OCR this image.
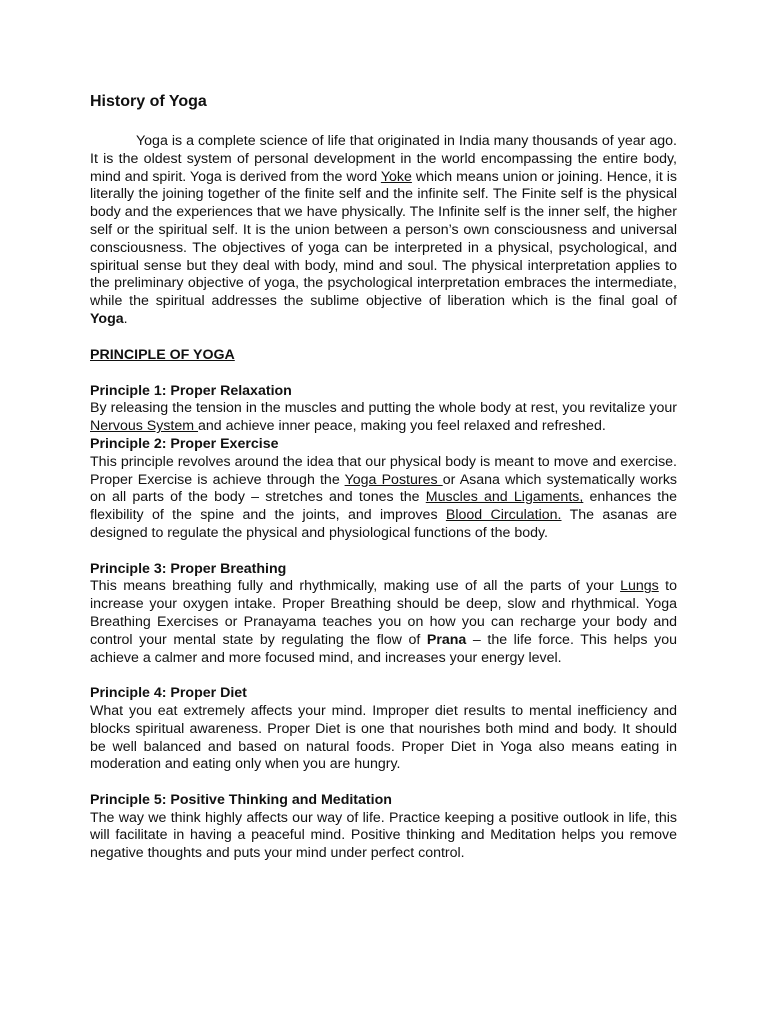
History of Yoga

Yoga is a complete science of life that originated in India many thousands of year ago. It is the oldest system of personal development in the world encompassing the entire body, mind and spirit. Yoga is derived from the word Yoke which means union or joining. Hence, it is literally the joining together of the finite self and the infinite self. The Finite self is the physical body and the experiences that we have physically. The Infinite self is the inner self, the higher self or the spiritual self. It is the union between a person’s own consciousness and universal consciousness. The objectives of yoga can be interpreted in a physical, psychological, and spiritual sense but they deal with body, mind and soul. The physical interpretation applies to the preliminary objective of yoga, the psychological interpretation embraces the intermediate, while the spiritual addresses the sublime objective of liberation which is the final goal of Yoga.

PRINCIPLE OF YOGA
Principle 1: Proper Relaxation

By releasing the tension in the muscles and putting the whole body at rest, you revitalize your Nervous System and achieve inner peace, making you feel relaxed and refreshed.

Principle 2: Proper Exercise

This principle revolves around the idea that our physical body is meant to move and exercise. Proper Exercise is achieve through the Yoga Postures or Asana which systematically works on all parts of the body – stretches and tones the Muscles and Ligaments, enhances the flexibility of the spine and the joints, and improves Blood Circulation. The asanas are designed to regulate the physical and physiological functions of the body.

Principle 3: Proper Breathing

This means breathing fully and rhythmically, making use of all the parts of your Lungs to increase your oxygen intake. Proper Breathing should be deep, slow and rhythmical. Yoga Breathing Exercises or Pranayama teaches you on how you can recharge your body and control your mental state by regulating the flow of Prana – the life force. This helps you achieve a calmer and more focused mind, and increases your energy level.

Principle 4: Proper Diet

What you eat extremely affects your mind. Improper diet results to mental inefficiency and blocks spiritual awareness. Proper Diet is one that nourishes both mind and body. It should be well balanced and based on natural foods. Proper Diet in Yoga also means eating in moderation and eating only when you are hungry.

Principle 5: Positive Thinking and Meditation

The way we think highly affects our way of life. Practice keeping a positive outlook in life, this will facilitate in having a peaceful mind. Positive thinking and Meditation helps you remove negative thoughts and puts your mind under perfect control.
